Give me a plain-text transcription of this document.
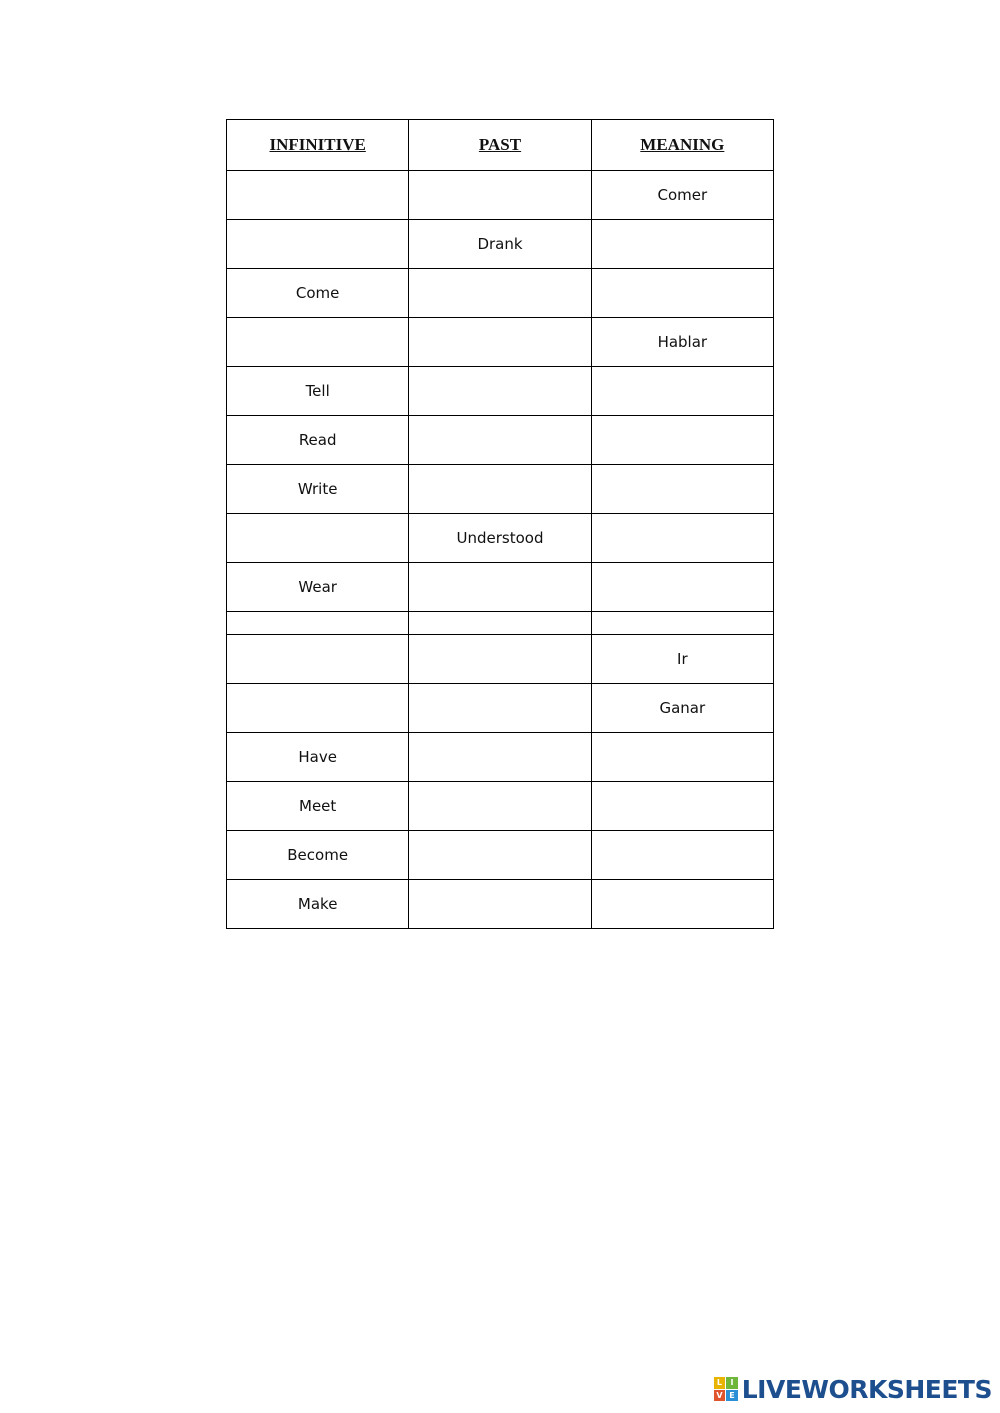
INFINITIVE	PAST	MEANING
		Comer
	Drank	
Come		
		Hablar
Tell		
Read		
Write		
	Understood	
Wear		

		Ir
		Ganar
Have		
Meet		
Become		
Make		
L	I
V E LIVEWORKSHEETS
